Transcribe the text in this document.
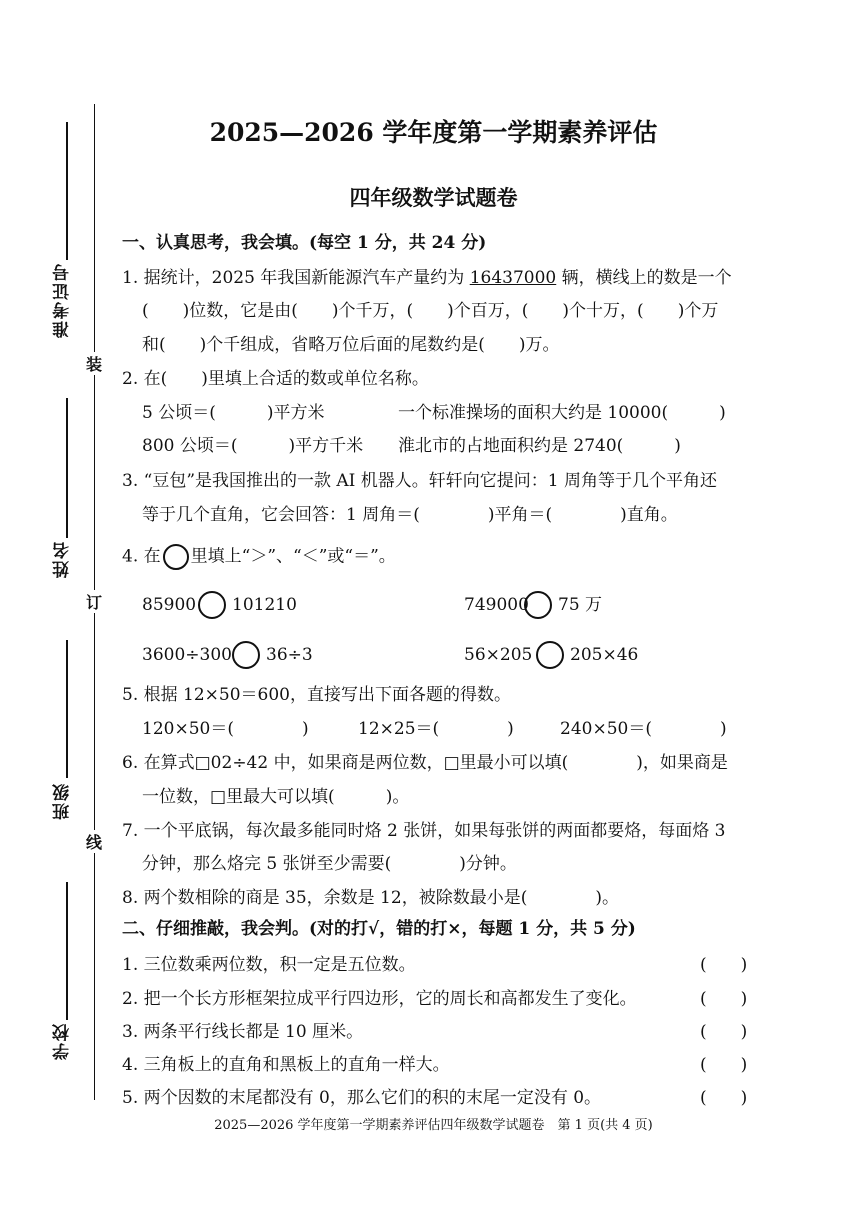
准考证号
姓名
班级
学校
装
订
线
2025—2026 学年度第一学期素养评估
四年级数学试题卷
一、认真思考，我会填。(每空 1 分，共 24 分)
1. 据统计，2025 年我国新能源汽车产量约为 16437000 辆，横线上的数是一个
(　　)位数，它是由(　　)个千万，(　　)个百万，(　　)个十万，(　　)个万
和(　　)个千组成，省略万位后面的尾数约是(　　)万。
2. 在(　　)里填上合适的数或单位名称。
5 公顷＝(　　　)平方米	一个标准操场的面积大约是 10000(　　　)
800 公顷＝(　　　)平方千米 淮北市的占地面积约是 2740(　　　)
3. “豆包”是我国推出的一款 AI 机器人。轩轩向它提问：1 周角等于几个平角还
等于几个直角，它会回答：1 周角＝(　　　　)平角＝(　　　　)直角。
4. 在 里填上“＞”、“＜”或“＝”。
85900 101210	749000 75 万
3600÷300 36÷3	56×205 205×46
5. 根据 12×50＝600，直接写出下面各题的得数。
120×50＝(　　　　)	12×25＝(　　　　)	240×50＝(　　　　)
6. 在算式□02÷42 中，如果商是两位数，□里最小可以填(　　　　)，如果商是
一位数，□里最大可以填(　　　)。
7. 一个平底锅，每次最多能同时烙 2 张饼，如果每张饼的两面都要烙，每面烙 3
分钟，那么烙完 5 张饼至少需要(　　　　)分钟。
8. 两个数相除的商是 35，余数是 12，被除数最小是(　　　　)。
二、仔细推敲，我会判。(对的打√，错的打×，每题 1 分，共 5 分)
1. 三位数乘两位数，积一定是五位数。	(　　)
2. 把一个长方形框架拉成平行四边形，它的周长和高都发生了变化。	(　　)
3. 两条平行线长都是 10 厘米。	(　　)
4. 三角板上的直角和黑板上的直角一样大。	(　　)
5. 两个因数的末尾都没有 0，那么它们的积的末尾一定没有 0。	(　　)
2025—2026 学年度第一学期素养评估四年级数学试题卷　第 1 页(共 4 页)
